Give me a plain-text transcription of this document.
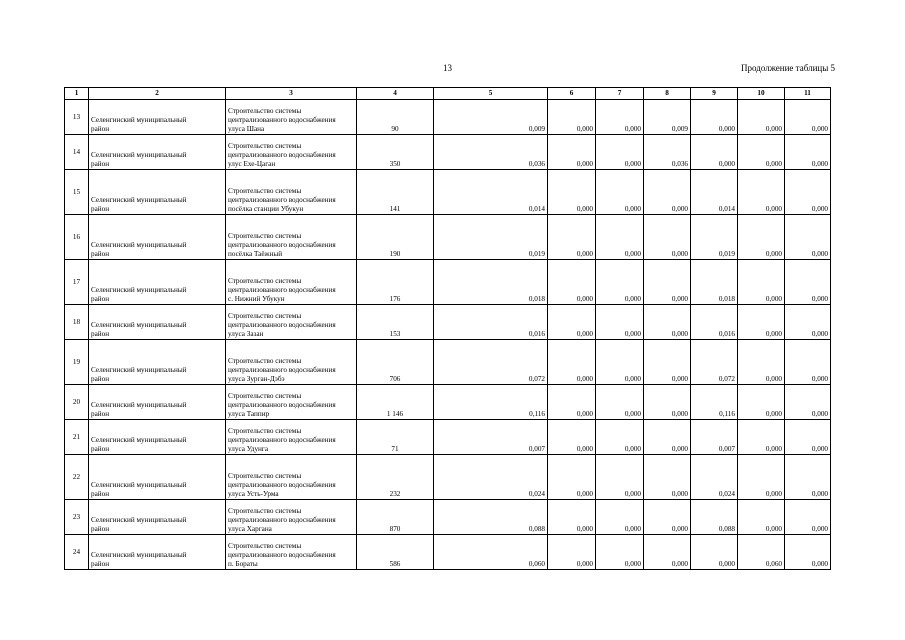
13	Продолжение таблицы 5
1	2	3	4	5	6	7	8	9	10	11
13	Селенгинский муниципальный
район	Строительство системы
централизованного водоснабжения
улуса Шана	90	0,009	0,000	0,000	0,009	0,000	0,000	0,000
14	Селенгинский муниципальный
район	Строительство системы
централизованного водоснабжения
улус Ехе-Цаган	350	0,036	0,000	0,000	0,036	0,000	0,000	0,000
15	Селенгинский муниципальный
район	Строительство системы
централизованного водоснабжения
посёлка станции Убукун	141	0,014	0,000	0,000	0,000	0,014	0,000	0,000
16	Селенгинский муниципальный
район	Строительство системы
централизованного водоснабжения
посёлка Таёжный	190	0,019	0,000	0,000	0,000	0,019	0,000	0,000
17	Селенгинский муниципальный
район	Строительство системы
централизованного водоснабжения
с. Нижний Убукун	176	0,018	0,000	0,000	0,000	0,018	0,000	0,000
18	Селенгинский муниципальный
район	Строительство системы
централизованного водоснабжения
улуса Зазан	153	0,016	0,000	0,000	0,000	0,016	0,000	0,000
19	Селенгинский муниципальный
район	Строительство системы
централизованного водоснабжения
улуса Зурган-Дэбэ	706	0,072	0,000	0,000	0,000	0,072	0,000	0,000
20	Селенгинский муниципальный
район	Строительство системы
централизованного водоснабжения
улуса Таппир	1 146	0,116	0,000	0,000	0,000	0,116	0,000	0,000
21	Селенгинский муниципальный
район	Строительство системы
централизованного водоснабжения
улуса Удунга	71	0,007	0,000	0,000	0,000	0,007	0,000	0,000
22	Селенгинский муниципальный
район	Строительство системы
централизованного водоснабжения
улуса Усть-Урма	232	0,024	0,000	0,000	0,000	0,024	0,000	0,000
23	Селенгинский муниципальный
район	Строительство системы
централизованного водоснабжения
улуса Харгана	870	0,088	0,000	0,000	0,000	0,088	0,000	0,000
24	Селенгинский муниципальный
район	Строительство системы
централизованного водоснабжения
п. Бораты	586	0,060	0,000	0,000	0,000	0,000	0,060	0,000
